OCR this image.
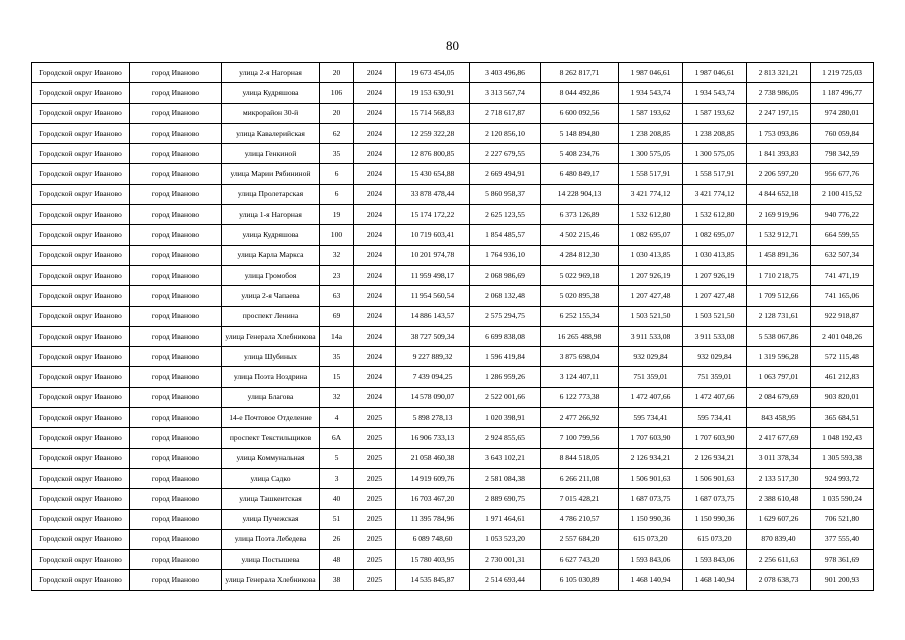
80
Городской округ Иваново	город Иваново	улица 2-я Нагорная	20	2024	19 673 454,05	3 403 496,86	8 262 817,71	1 987 046,61	1 987 046,61	2 813 321,21	1 219 725,03
Городской округ Иваново	город Иваново	улица Кудряшова	106	2024	19 153 630,91	3 313 567,74	8 044 492,86	1 934 543,74	1 934 543,74	2 738 986,05	1 187 496,77
Городской округ Иваново	город Иваново	микрорайон 30-й	20	2024	15 714 568,83	2 718 617,87	6 600 092,56	1 587 193,62	1 587 193,62	2 247 197,15	974 280,01
Городской округ Иваново	город Иваново	улица Кавалерийская	62	2024	12 259 322,28	2 120 856,10	5 148 894,80	1 238 208,85	1 238 208,85	1 753 093,86	760 059,84
Городской округ Иваново	город Иваново	улица Генкиной	35	2024	12 876 800,85	2 227 679,55	5 408 234,76	1 300 575,05	1 300 575,05	1 841 393,83	798 342,59
Городской округ Иваново	город Иваново	улица Марии Рябининой	6	2024	15 430 654,88	2 669 494,91	6 480 849,17	1 558 517,91	1 558 517,91	2 206 597,20	956 677,76
Городской округ Иваново	город Иваново	улица Пролетарская	6	2024	33 878 478,44	5 860 958,37	14 228 904,13	3 421 774,12	3 421 774,12	4 844 652,18	2 100 415,52
Городской округ Иваново	город Иваново	улица 1-я Нагорная	19	2024	15 174 172,22	2 625 123,55	6 373 126,89	1 532 612,80	1 532 612,80	2 169 919,96	940 776,22
Городской округ Иваново	город Иваново	улица Кудряшова	100	2024	10 719 603,41	1 854 485,57	4 502 215,46	1 082 695,07	1 082 695,07	1 532 912,71	664 599,55
Городской округ Иваново	город Иваново	улица Карла Маркса	32	2024	10 201 974,78	1 764 936,10	4 284 812,30	1 030 413,85	1 030 413,85	1 458 891,36	632 507,34
Городской округ Иваново	город Иваново	улица Громобоя	23	2024	11 959 498,17	2 068 986,69	5 022 969,18	1 207 926,19	1 207 926,19	1 710 218,75	741 471,19
Городской округ Иваново	город Иваново	улица 2-я Чапаева	63	2024	11 954 560,54	2 068 132,48	5 020 895,38	1 207 427,48	1 207 427,48	1 709 512,66	741 165,06
Городской округ Иваново	город Иваново	проспект Ленина	69	2024	14 886 143,57	2 575 294,75	6 252 155,34	1 503 521,50	1 503 521,50	2 128 731,61	922 918,87
Городской округ Иваново	город Иваново	улица Генерала Хлебникова	14а	2024	38 727 509,34	6 699 838,08	16 265 488,98	3 911 533,08	3 911 533,08	5 538 067,86	2 401 048,26
Городской округ Иваново	город Иваново	улица Шубиных	35	2024	9 227 889,32	1 596 419,84	3 875 698,04	932 029,84	932 029,84	1 319 596,28	572 115,48
Городской округ Иваново	город Иваново	улица Поэта Ноздрина	15	2024	7 439 094,25	1 286 959,26	3 124 407,11	751 359,01	751 359,01	1 063 797,01	461 212,83
Городской округ Иваново	город Иваново	улица Благова	32	2024	14 578 090,07	2 522 001,66	6 122 773,38	1 472 407,66	1 472 407,66	2 084 679,69	903 820,01
Городской округ Иваново	город Иваново	14-е Почтовое Отделение	4	2025	5 898 278,13	1 020 398,91	2 477 266,92	595 734,41	595 734,41	843 458,95	365 684,51
Городской округ Иваново	город Иваново	проспект Текстильщиков	6А	2025	16 906 733,13	2 924 855,65	7 100 799,56	1 707 603,90	1 707 603,90	2 417 677,69	1 048 192,43
Городской округ Иваново	город Иваново	улица Коммунальная	5	2025	21 058 460,38	3 643 102,21	8 844 518,05	2 126 934,21	2 126 934,21	3 011 378,34	1 305 593,38
Городской округ Иваново	город Иваново	улица Садко	3	2025	14 919 609,76	2 581 084,38	6 266 211,08	1 506 901,63	1 506 901,63	2 133 517,30	924 993,72
Городской округ Иваново	город Иваново	улица Ташкентская	40	2025	16 703 467,20	2 889 690,75	7 015 428,21	1 687 073,75	1 687 073,75	2 388 610,48	1 035 590,24
Городской округ Иваново	город Иваново	улица Пучежская	51	2025	11 395 784,96	1 971 464,61	4 786 210,57	1 150 990,36	1 150 990,36	1 629 607,26	706 521,80
Городской округ Иваново	город Иваново	улица Поэта Лебедева	26	2025	6 089 748,60	1 053 523,20	2 557 684,20	615 073,20	615 073,20	870 839,40	377 555,40
Городской округ Иваново	город Иваново	улица Постышева	48	2025	15 780 403,95	2 730 001,31	6 627 743,20	1 593 843,06	1 593 843,06	2 256 611,63	978 361,69
Городской округ Иваново	город Иваново	улица Генерала Хлебникова	38	2025	14 535 845,87	2 514 693,44	6 105 030,89	1 468 140,94	1 468 140,94	2 078 638,73	901 200,93
